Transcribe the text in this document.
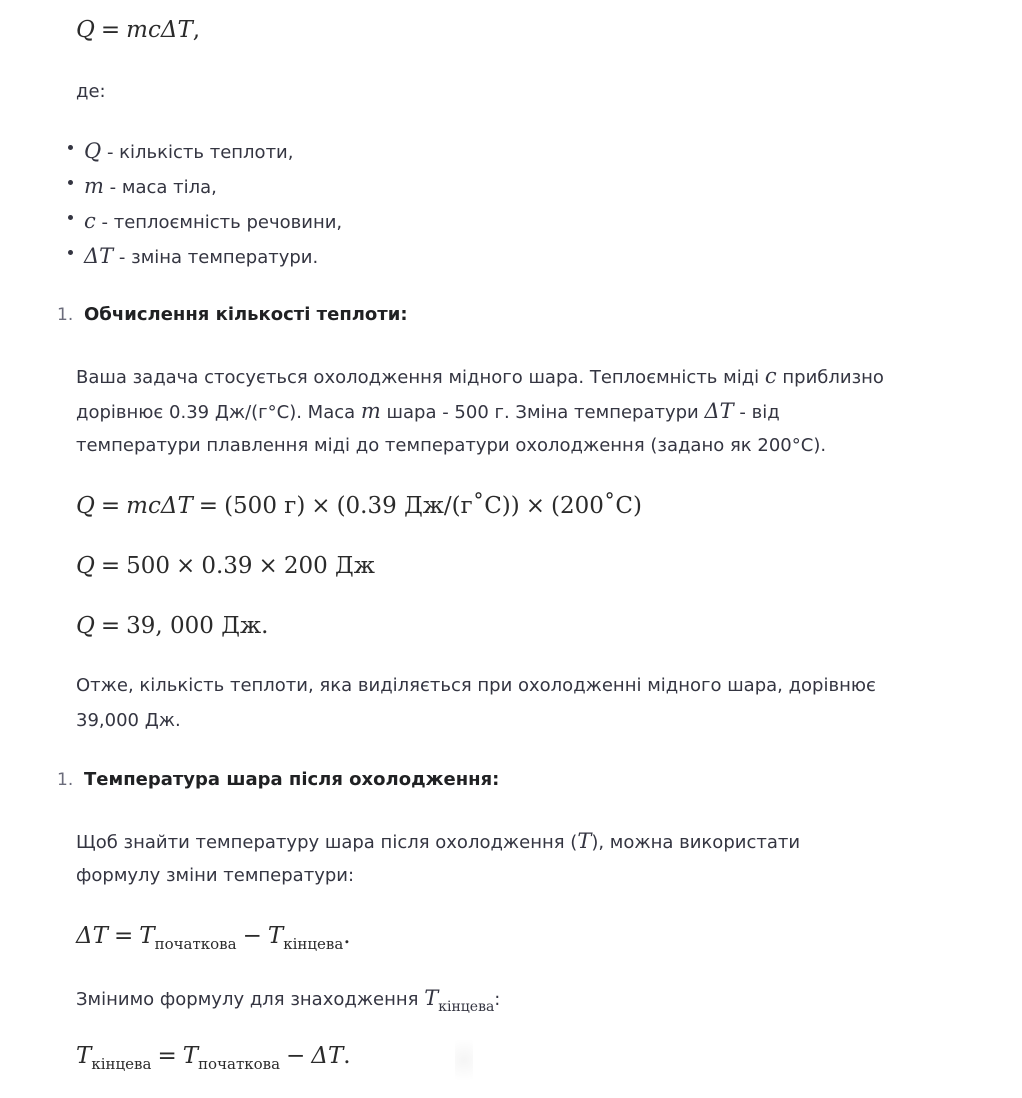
Q = mcΔT,
де:
Q - кількість теплоти,
m - маса тіла,
c - теплоємність речовини,
ΔT - зміна температури.
1. Обчислення кількості теплоти:
Ваша задача стосується охолодження мідного шара. Теплоємність міді c приблизно
дорівнює 0.39 Дж/(г°C). Маса m шара - 500 г. Зміна температури ΔT - від
температури плавлення міді до температури охолодження (задано як 200°C).
Q = mcΔT = (500 г) × (0.39 Дж/(г˚C)) × (200˚C)
Q = 500 × 0.39 × 200 Дж
Q = 39, 000 Дж.
Отже, кількість теплоти, яка виділяється при охолодженні мідного шара, дорівнює
39,000 Дж.
1. Температура шара після охолодження:
Щоб знайти температуру шара після охолодження (T), можна використати
формулу зміни температури:
$\Delta T = T_{початкова} - T_{кінцева}$.
Змінимо формулу для знаходження $T_{кінцева}$:
$T_{кінцева} = T_{початкова} - \Delta T$.
